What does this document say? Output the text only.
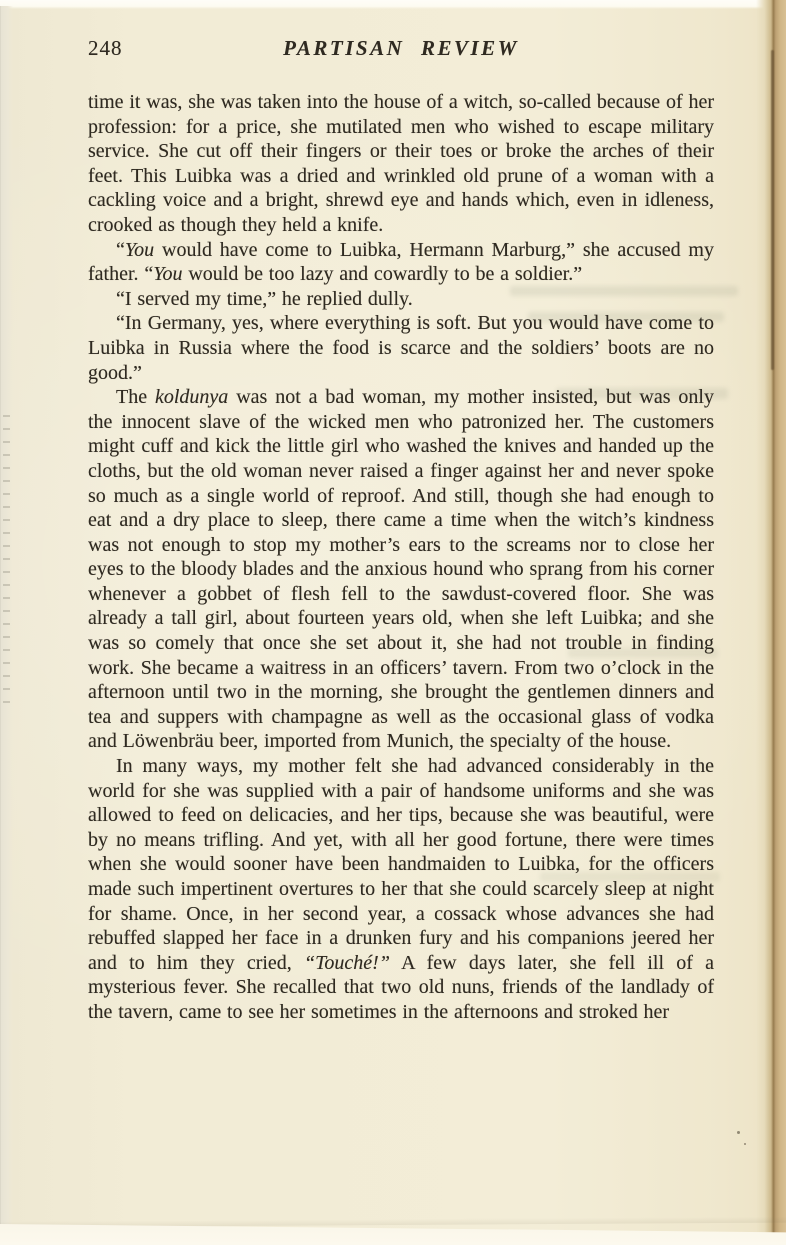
248	PARTISAN REVIEW

time it was, she was taken into the house of a witch, so-called because of her profession: for a price, she mutilated men who wished to escape military service. She cut off their fingers or their toes or broke the arches of their feet. This Luibka was a dried and wrinkled old prune of a woman with a cackling voice and a bright, shrewd eye and hands which, even in idleness, crooked as though they held a knife.

“You would have come to Luibka, Hermann Marburg,” she accused my father. “You would be too lazy and cowardly to be a soldier.”

“I served my time,” he replied dully.

“In Germany, yes, where everything is soft. But you would have come to Luibka in Russia where the food is scarce and the soldiers’ boots are no good.”

The koldunya was not a bad woman, my mother insisted, but was only the innocent slave of the wicked men who patronized her. The customers might cuff and kick the little girl who washed the knives and handed up the cloths, but the old woman never raised a finger against her and never spoke so much as a single world of reproof. And still, though she had enough to eat and a dry place to sleep, there came a time when the witch’s kindness was not enough to stop my mother’s ears to the screams nor to close her eyes to the bloody blades and the anxious hound who sprang from his corner whenever a gobbet of flesh fell to the sawdust-covered floor. She was already a tall girl, about fourteen years old, when she left Luibka; and she was so comely that once she set about it, she had not trouble in finding work. She became a waitress in an officers’ tavern. From two o’clock in the afternoon until two in the morning, she brought the gentlemen dinners and tea and suppers with champagne as well as the occasional glass of vodka and Löwenbräu beer, imported from Munich, the specialty of the house.

In many ways, my mother felt she had advanced considerably in the world for she was supplied with a pair of handsome uniforms and she was allowed to feed on delicacies, and her tips, because she was beautiful, were by no means trifling. And yet, with all her good fortune, there were times when she would sooner have been handmaiden to Luibka, for the officers made such impertinent overtures to her that she could scarcely sleep at night for shame. Once, in her second year, a cossack whose advances she had rebuffed slapped her face in a drunken fury and his companions jeered her and to him they cried, “Touché!” A few days later, she fell ill of a mysterious fever. She recalled that two old nuns, friends of the landlady of the tavern, came to see her sometimes in the afternoons and stroked her
